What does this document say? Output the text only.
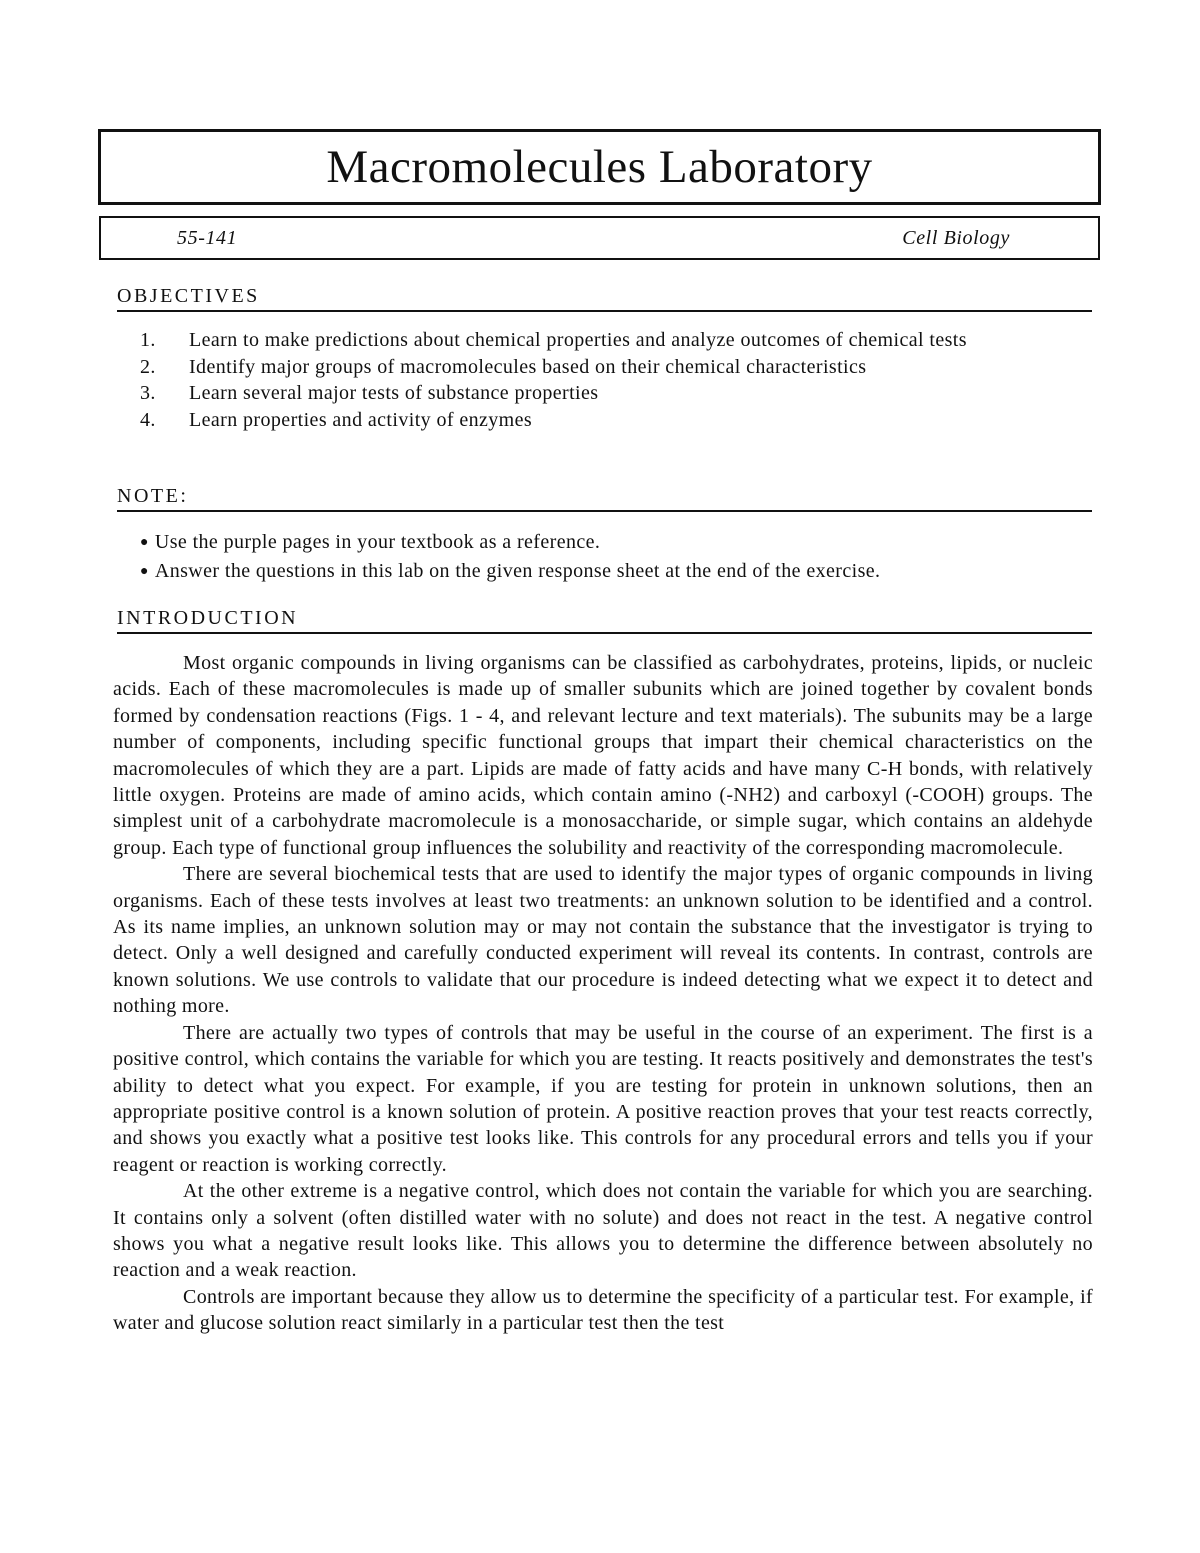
Macromolecules Laboratory
55-141	Cell Biology
OBJECTIVES
1.	Learn to make predictions about chemical properties and analyze outcomes of chemical tests
2.	Identify major groups of macromolecules based on their chemical characteristics
3.	Learn several major tests of substance properties
4.	Learn properties and activity of enzymes
NOTE:
● Use the purple pages in your textbook as a reference.
● Answer the questions in this lab on the given response sheet at the end of the exercise.
INTRODUCTION

Most organic compounds in living organisms can be classified as carbohydrates, proteins, lipids, or nucleic acids. Each of these macromolecules is made up of smaller subunits which are joined together by covalent bonds formed by condensation reactions (Figs. 1 - 4, and relevant lecture and text materials). The subunits may be a large number of components, including specific functional groups that impart their chemical characteristics on the macromolecules of which they are a part. Lipids are made of fatty acids and have many C-H bonds, with relatively little oxygen. Proteins are made of amino acids, which contain amino (-NH2) and carboxyl (-COOH) groups. The simplest unit of a carbohydrate macromolecule is a monosaccharide, or simple sugar, which contains an aldehyde group. Each type of functional group influences the solubility and reactivity of the corresponding macromolecule.

There are several biochemical tests that are used to identify the major types of organic compounds in living organisms. Each of these tests involves at least two treatments: an unknown solution to be identified and a control. As its name implies, an unknown solution may or may not contain the substance that the investigator is trying to detect. Only a well designed and carefully conducted experiment will reveal its contents. In contrast, controls are known solutions. We use controls to validate that our procedure is indeed detecting what we expect it to detect and nothing more.

There are actually two types of controls that may be useful in the course of an experiment. The first is a positive control, which contains the variable for which you are testing. It reacts positively and demonstrates the test's ability to detect what you expect. For example, if you are testing for protein in unknown solutions, then an appropriate positive control is a known solution of protein. A positive reaction proves that your test reacts correctly, and shows you exactly what a positive test looks like. This controls for any procedural errors and tells you if your reagent or reaction is working correctly.

At the other extreme is a negative control, which does not contain the variable for which you are searching. It contains only a solvent (often distilled water with no solute) and does not react in the test. A negative control shows you what a negative result looks like. This allows you to determine the difference between absolutely no reaction and a weak reaction.

Controls are important because they allow us to determine the specificity of a particular test. For example, if water and glucose solution react similarly in a particular test then the test
